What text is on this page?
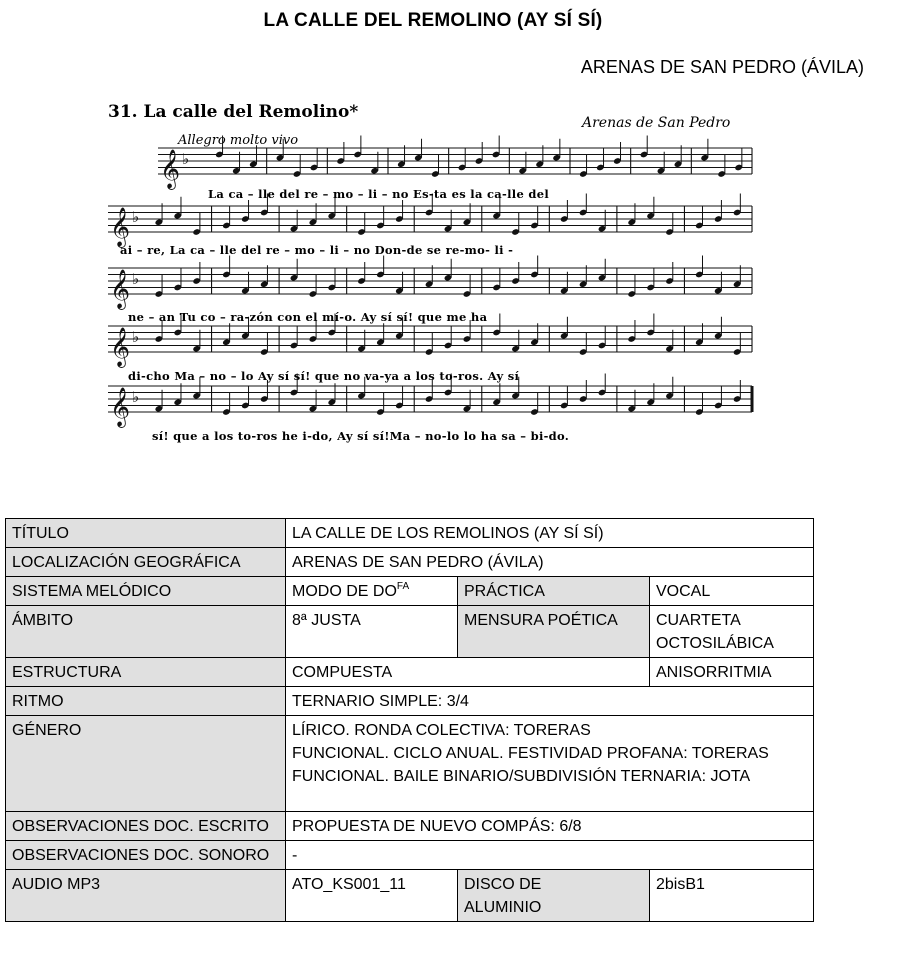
LA CALLE DEL REMOLINO (AY SÍ SÍ)
ARENAS DE SAN PEDRO (ÁVILA)
31. La calle del Remolino*
Arenas de San Pedro
Allegro molto vivo
𝄞 ♭
𝄞 ♭
𝄞 ♭
𝄞 ♭
𝄞 ♭
La ca – lle del re – mo – li – no Es-ta es la ca-lle del
ai – re, La ca – lle del re – mo – li – no Don-de se re-mo- li -
ne – an Tu co – ra-zón con el mí-o. Ay sí sí! que me ha
di-cho Ma – no – lo Ay sí sí! que no va-ya a los to-ros. Ay sí
sí! que a los to-ros he i-do, Ay sí sí!Ma – no-lo lo ha sa – bi-do.
TÍTULO	LA CALLE DE LOS REMOLINOS (AY SÍ SÍ)		
LOCALIZACIÓN GEOGRÁFICA	ARENAS DE SAN PEDRO (ÁVILA)		
SISTEMA MELÓDICO	MODO DE $DO^{FA}$	PRÁCTICA	VOCAL
ÁMBITO	8ª JUSTA	MENSURA POÉTICA	CUARTETA
OCTOSILÁBICA

ESTRUCTURA	COMPUESTA		ANISORRITMIA
RITMO	TERNARIO SIMPLE: 3/4		
GÉNERO	LÍRICO. RONDA COLECTIVA: TORERAS
FUNCIONAL. CICLO ANUAL. FESTIVIDAD PROFANA: TORERAS
FUNCIONAL. BAILE BINARIO/SUBDIVISIÓN TERNARIA: JOTA		

OBSERVACIONES DOC. ESCRITO	PROPUESTA DE NUEVO COMPÁS: 6/8		
OBSERVACIONES DOC. SONORO	-		
AUDIO MP3	ATO_KS001_11	DISCO DE
ALUMINIO	2bisB1
